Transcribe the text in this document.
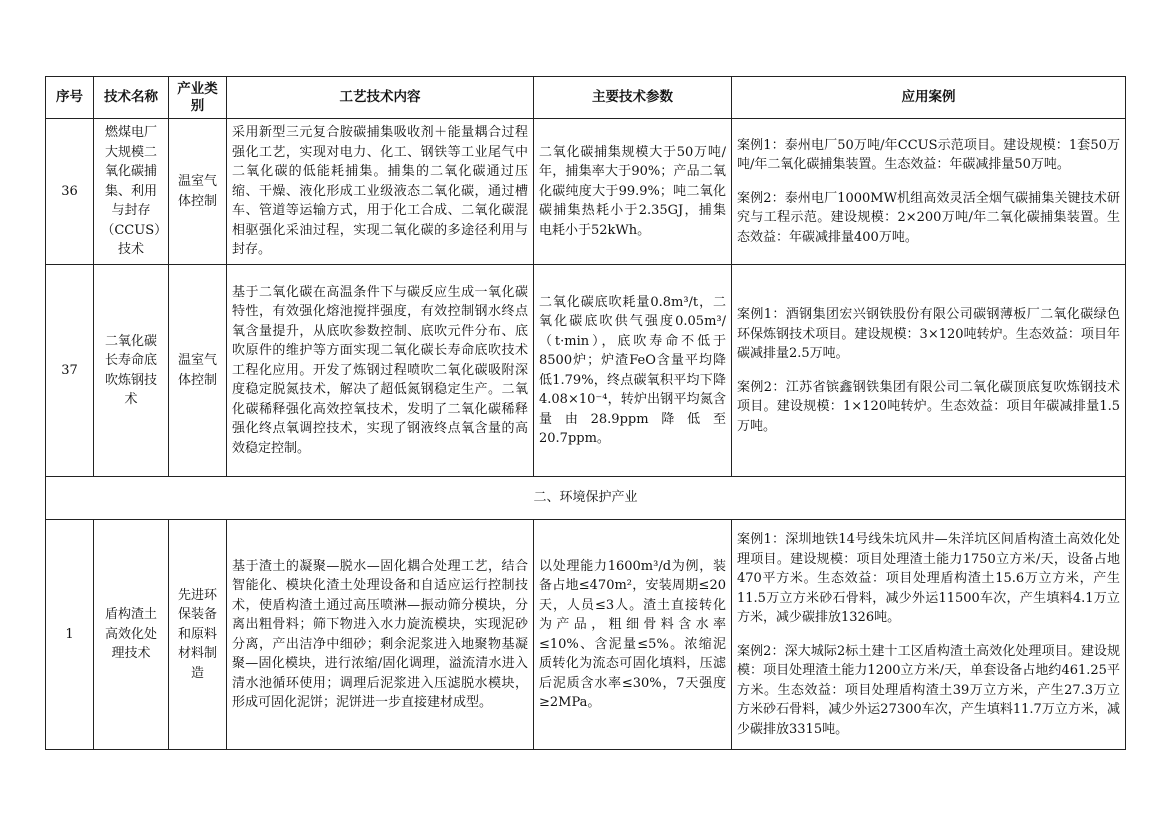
序号	技术名称	产业类别	工艺技术内容	主要技术参数	应用案例
36	燃煤电厂大规模二氧化碳捕集、利用与封存（CCUS）技术	温室气体控制	采用新型三元复合胺碳捕集吸收剂＋能量耦合过程强化工艺，实现对电力、化工、钢铁等工业尾气中二氧化碳的低能耗捕集。捕集的二氧化碳通过压缩、干燥、液化形成工业级液态二氧化碳，通过槽车、管道等运输方式，用于化工合成、二氧化碳混相驱强化采油过程，实现二氧化碳的多途径利用与封存。	二氧化碳捕集规模大于50万吨/年，捕集率大于90%；产品二氧化碳纯度大于99.9%；吨二氧化碳捕集热耗小于2.35GJ，捕集电耗小于52kWh。	案例1：泰州电厂50万吨/年CCUS示范项目。建设规模：1套50万吨/年二氧化碳捕集装置。生态效益：年碳减排量50万吨。
案例2：泰州电厂1000MW机组高效灵活全烟气碳捕集关键技术研究与工程示范。建设规模：2×200万吨/年二氧化碳捕集装置。生态效益：年碳减排量400万吨。

37	二氧化碳长寿命底吹炼钢技术	温室气体控制	基于二氧化碳在高温条件下与碳反应生成一氧化碳特性，有效强化熔池搅拌强度，有效控制钢水终点氧含量提升，从底吹参数控制、底吹元件分布、底吹原件的维护等方面实现二氧化碳长寿命底吹技术工程化应用。开发了炼钢过程喷吹二氧化碳吸附深度稳定脱氮技术，解决了超低氮钢稳定生产。二氧化碳稀释强化高效控氧技术，发明了二氧化碳稀释强化终点氧调控技术，实现了钢液终点氧含量的高效稳定控制。	二氧化碳底吹耗量0.8m³/t，二氧化碳底吹供气强度0.05m³/（t·min），底吹寿命不低于8500炉；炉渣FeO含量平均降低1.79%，终点碳氧积平均下降4.08×10⁻⁴，转炉出钢平均氮含量由28.9ppm降低至20.7ppm。	案例1：酒钢集团宏兴钢铁股份有限公司碳钢薄板厂二氧化碳绿色环保炼钢技术项目。建设规模：3×120吨转炉。生态效益：项目年碳减排量2.5万吨。
案例2：江苏省镔鑫钢铁集团有限公司二氧化碳顶底复吹炼钢技术项目。建设规模：1×120吨转炉。生态效益：项目年碳减排量1.5万吨。

二、环境保护产业					
1	盾构渣土高效化处理技术	先进环保装备和原料材料制造	基于渣土的凝聚—脱水—固化耦合处理工艺，结合智能化、模块化渣土处理设备和自适应运行控制技术，使盾构渣土通过高压喷淋—振动筛分模块，分离出粗骨料；筛下物进入水力旋流模块，实现泥砂分离，产出洁净中细砂；剩余泥浆进入地聚物基凝聚—固化模块，进行浓缩/固化调理，溢流清水进入清水池循环使用；调理后泥浆进入压滤脱水模块，形成可固化泥饼；泥饼进一步直接建材成型。	以处理能力1600m³/d为例，装备占地≤470m²，安装周期≤20天，人员≤3人。渣土直接转化为产品，粗细骨料含水率≤10%、含泥量≤5%。浓缩泥质转化为流态可固化填料，压滤后泥质含水率≤30%，7天强度≥2MPa。	案例1：深圳地铁14号线朱坑风井—朱洋坑区间盾构渣土高效化处理项目。建设规模：项目处理渣土能力1750立方米/天，设备占地470平方米。生态效益：项目处理盾构渣土15.6万立方米，产生11.5万立方米砂石骨料，减少外运11500车次，产生填料4.1万立方米，减少碳排放1326吨。
案例2：深大城际2标土建十工区盾构渣土高效化处理项目。建设规模：项目处理渣土能力1200立方米/天，单套设备占地约461.25平方米。生态效益：项目处理盾构渣土39万立方米，产生27.3万立方米砂石骨料，减少外运27300车次，产生填料11.7万立方米，减少碳排放3315吨。
